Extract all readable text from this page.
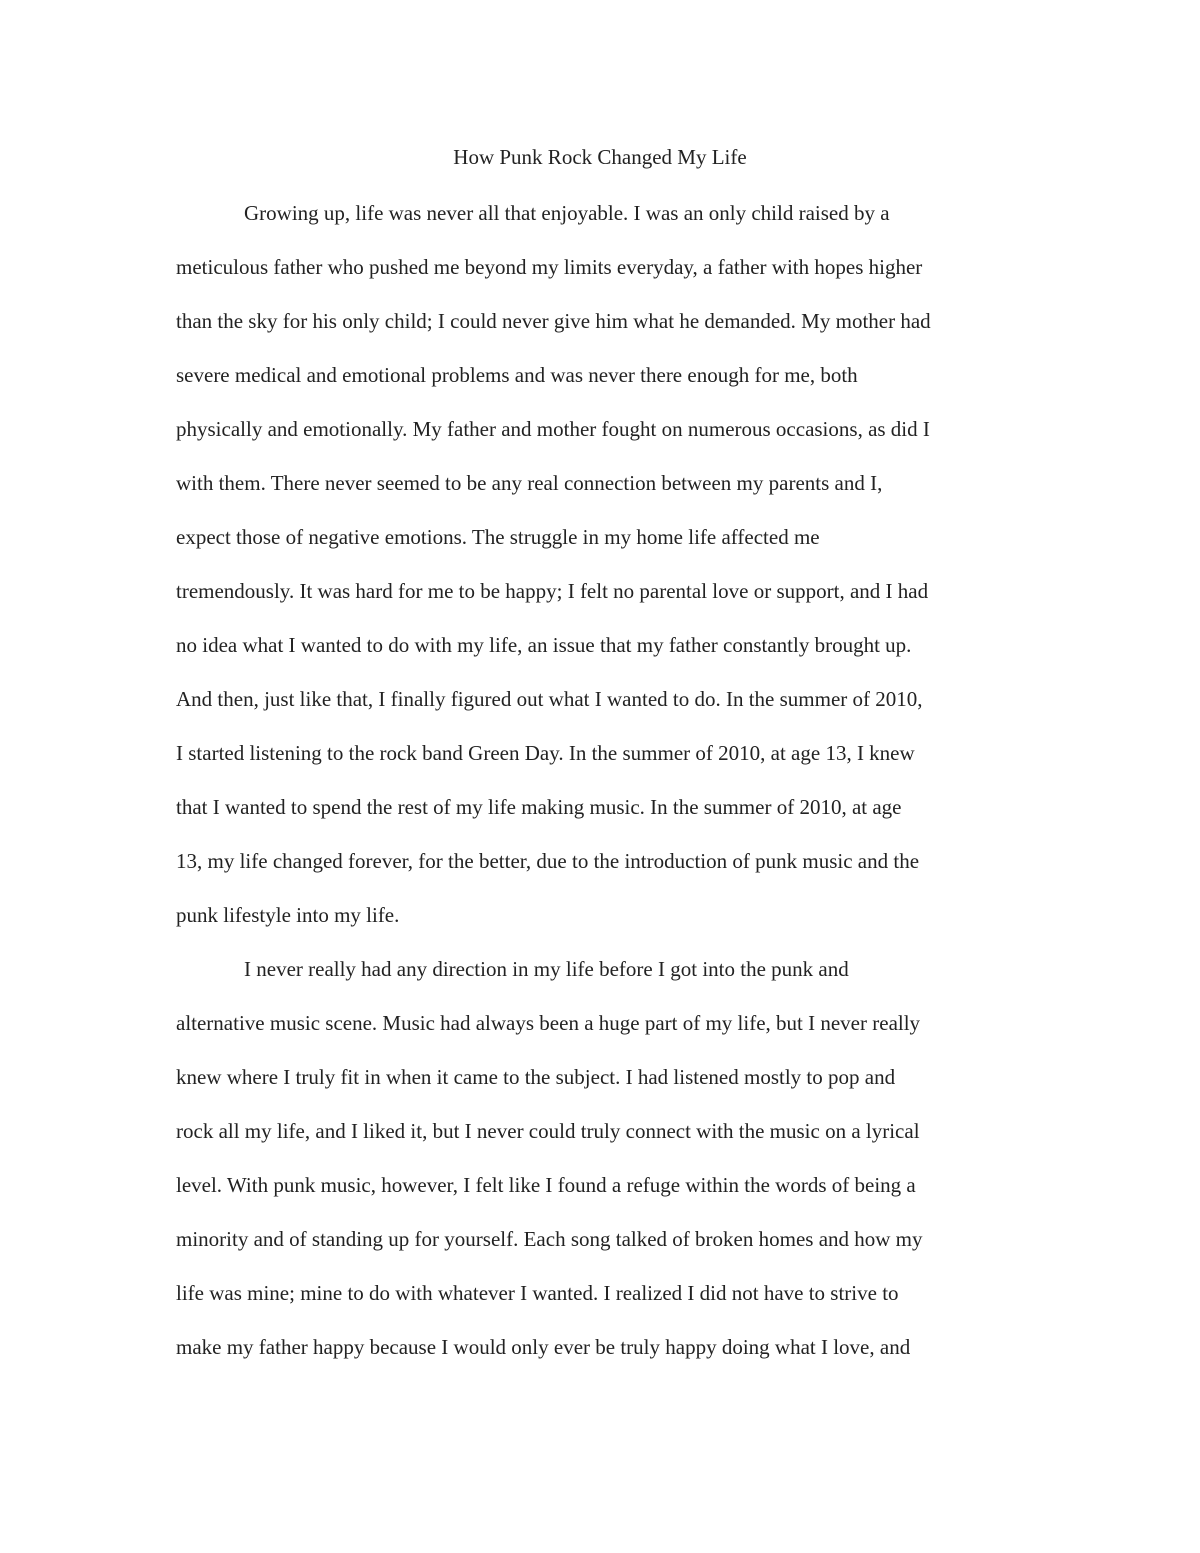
How Punk Rock Changed My Life

Growing up, life was never all that enjoyable. I was an only child raised by a
meticulous father who pushed me beyond my limits everyday, a father with hopes higher
than the sky for his only child; I could never give him what he demanded. My mother had
severe medical and emotional problems and was never there enough for me, both
physically and emotionally. My father and mother fought on numerous occasions, as did I
with them. There never seemed to be any real connection between my parents and I,
expect those of negative emotions. The struggle in my home life affected me
tremendously. It was hard for me to be happy; I felt no parental love or support, and I had
no idea what I wanted to do with my life, an issue that my father constantly brought up.
And then, just like that, I finally figured out what I wanted to do. In the summer of 2010,
I started listening to the rock band Green Day. In the summer of 2010, at age 13, I knew
that I wanted to spend the rest of my life making music. In the summer of 2010, at age
13, my life changed forever, for the better, due to the introduction of punk music and the
punk lifestyle into my life.

I never really had any direction in my life before I got into the punk and
alternative music scene. Music had always been a huge part of my life, but I never really
knew where I truly fit in when it came to the subject. I had listened mostly to pop and
rock all my life, and I liked it, but I never could truly connect with the music on a lyrical
level. With punk music, however, I felt like I found a refuge within the words of being a
minority and of standing up for yourself. Each song talked of broken homes and how my
life was mine; mine to do with whatever I wanted. I realized I did not have to strive to
make my father happy because I would only ever be truly happy doing what I love, and
